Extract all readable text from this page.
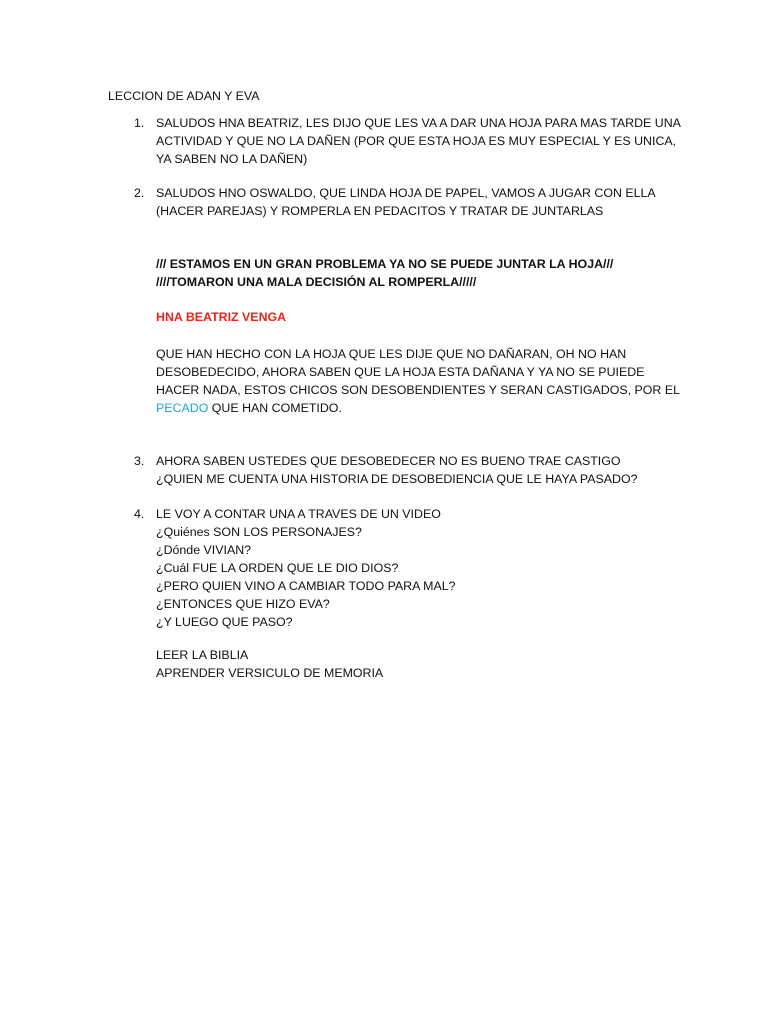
LECCION DE ADAN Y EVA
1. SALUDOS HNA BEATRIZ, LES DIJO QUE LES VA A DAR UNA HOJA PARA MAS TARDE UNA
ACTIVIDAD Y QUE NO LA DAÑEN (POR QUE ESTA HOJA ES MUY ESPECIAL Y ES UNICA,
YA SABEN NO LA DAÑEN)
2. SALUDOS HNO OSWALDO, QUE LINDA HOJA DE PAPEL, VAMOS A JUGAR CON ELLA
(HACER PAREJAS) Y ROMPERLA EN PEDACITOS Y TRATAR DE JUNTARLAS
/// ESTAMOS EN UN GRAN PROBLEMA YA NO SE PUEDE JUNTAR LA HOJA///
////TOMARON UNA MALA DECISIÓN AL ROMPERLA/////
HNA BEATRIZ VENGA
QUE HAN HECHO CON LA HOJA QUE LES DIJE QUE NO DAÑARAN, OH NO HAN
DESOBEDECIDO, AHORA SABEN QUE LA HOJA ESTA DAÑANA Y YA NO SE PUIEDE
HACER NADA, ESTOS CHICOS SON DESOBENDIENTES Y SERAN CASTIGADOS, POR EL
PECADO QUE HAN COMETIDO.
3. AHORA SABEN USTEDES QUE DESOBEDECER NO ES BUENO TRAE CASTIGO
¿QUIEN ME CUENTA UNA HISTORIA DE DESOBEDIENCIA QUE LE HAYA PASADO?
4. LE VOY A CONTAR UNA A TRAVES DE UN VIDEO
¿Quiénes SON LOS PERSONAJES?
¿Dónde VIVIAN?
¿Cuál FUE LA ORDEN QUE LE DIO DIOS?
¿PERO QUIEN VINO A CAMBIAR TODO PARA MAL?
¿ENTONCES QUE HIZO EVA?
¿Y LUEGO QUE PASO?
LEER LA BIBLIA
APRENDER VERSICULO DE MEMORIA
